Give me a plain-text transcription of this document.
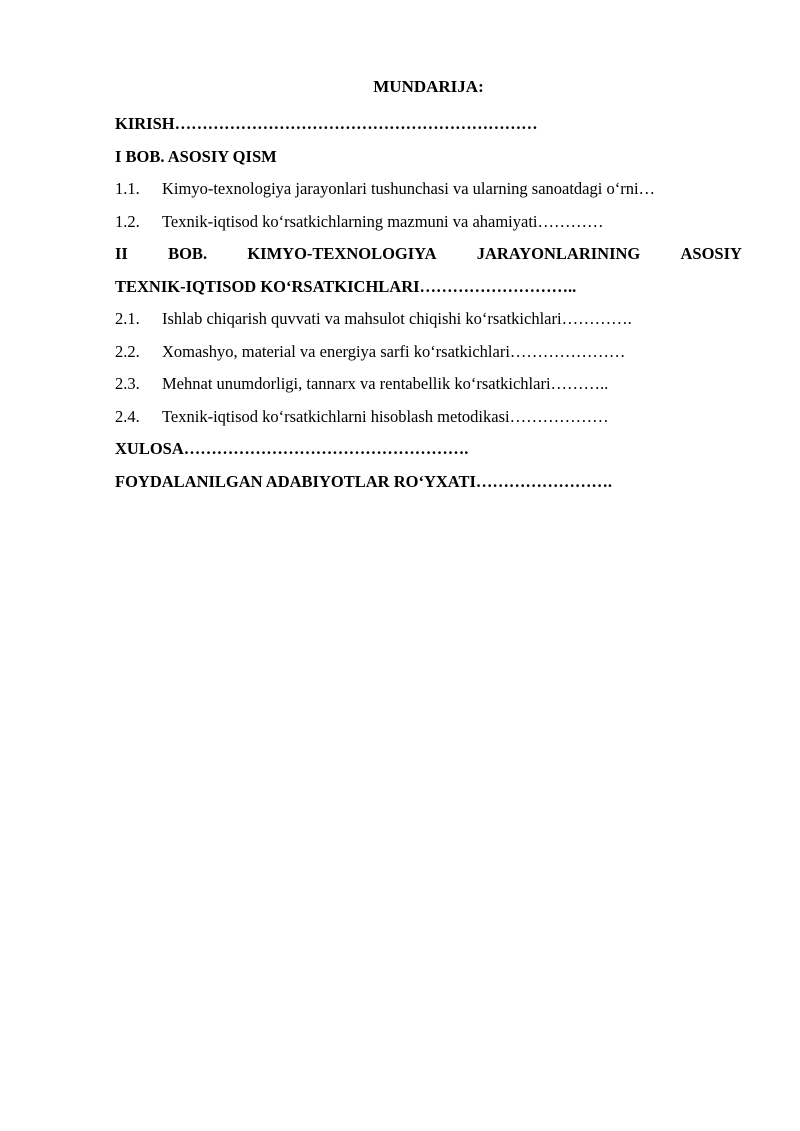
MUNDARIJA:
KIRISH…………………………………………………………
I BOB. ASOSIY QISM
1.1.	Kimyo-texnologiya jarayonlari tushunchasi va ularning sanoatdagi o‘rni…
1.2.	Texnik-iqtisod ko‘rsatkichlarning mazmuni va ahamiyati…………
II BOB. KIMYO-TEXNOLOGIYA JARAYONLARINING ASOSIY
TEXNIK-IQTISOD KO‘RSATKICHLARI………………………..
2.1.	Ishlab chiqarish quvvati va mahsulot chiqishi ko‘rsatkichlari………….
2.2.	Xomashyo, material va energiya sarfi ko‘rsatkichlari…………………
2.3.	Mehnat unumdorligi, tannarx va rentabellik ko‘rsatkichlari………..
2.4.	Texnik-iqtisod ko‘rsatkichlarni hisoblash metodikasi………………
XULOSA…………………………………………….
FOYDALANILGAN ADABIYOTLAR RO‘YXATI…………………….
